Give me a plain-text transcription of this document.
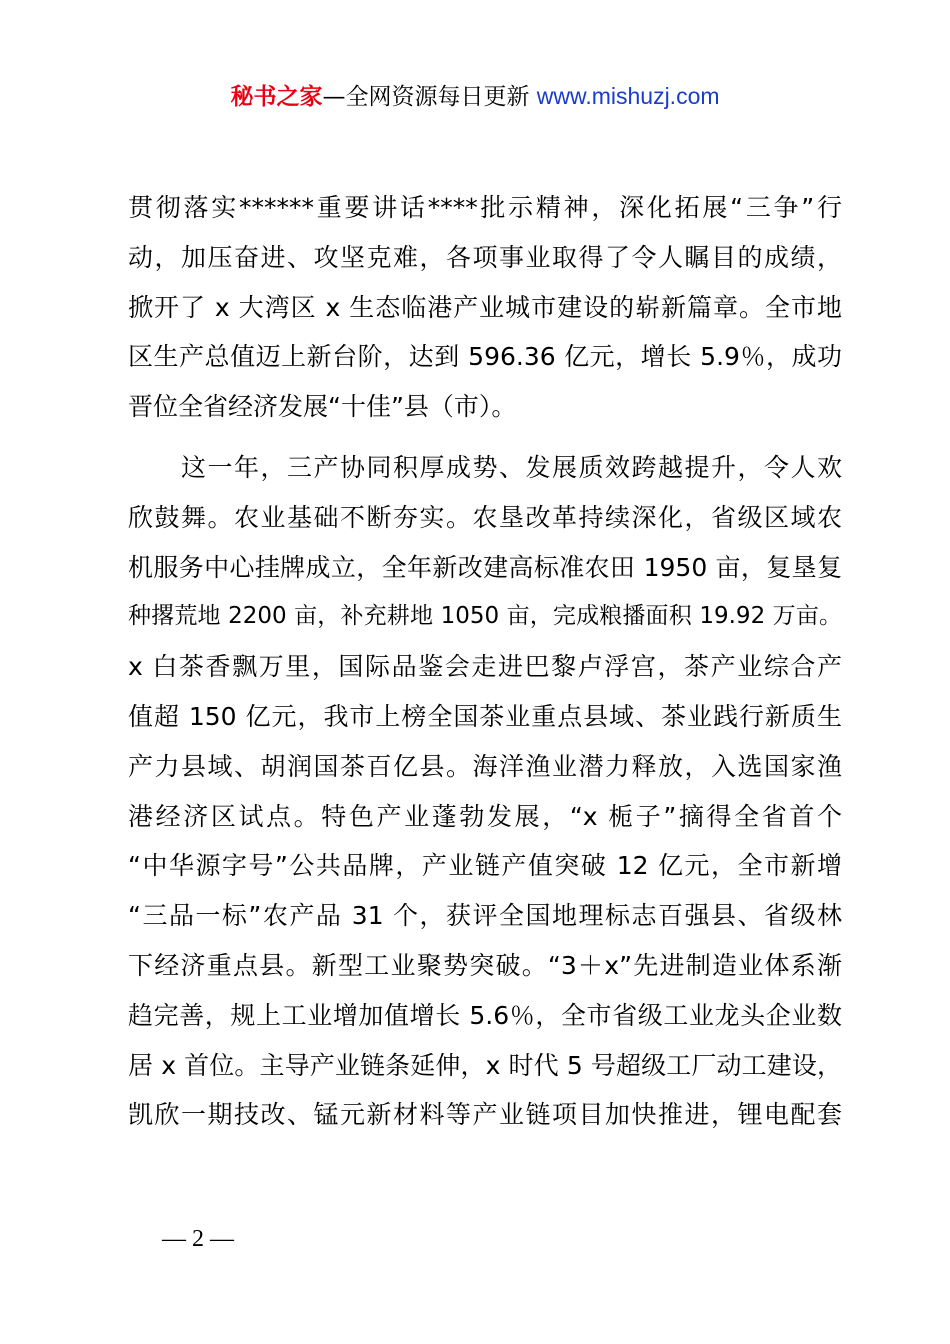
秘书之家—全网资源每日更新 www.mishuzj.com
贯彻落实******重要讲话****批示精神，深化拓展“三争”行
动，加压奋进、攻坚克难，各项事业取得了令人瞩目的成绩，
掀开了 x 大湾区 x 生态临港产业城市建设的崭新篇章。全市地
区生产总值迈上新台阶，达到 596.36 亿元，增长 5.9％，成功
晋位全省经济发展“十佳”县（市）。
　　这一年，三产协同积厚成势、发展质效跨越提升，令人欢
欣鼓舞。农业基础不断夯实。农垦改革持续深化，省级区域农
机服务中心挂牌成立，全年新改建高标准农田 1950 亩，复垦复
种撂荒地 2200 亩，补充耕地 1050 亩，完成粮播面积 19.92 万亩。
x 白茶香飘万里，国际品鉴会走进巴黎卢浮宫，茶产业综合产
值超 150 亿元，我市上榜全国茶业重点县域、茶业践行新质生
产力县域、胡润国茶百亿县。海洋渔业潜力释放，入选国家渔
港经济区试点。特色产业蓬勃发展，“x 栀子”摘得全省首个
“中华源字号”公共品牌，产业链产值突破 12 亿元，全市新增
“三品一标”农产品 31 个，获评全国地理标志百强县、省级林
下经济重点县。新型工业聚势突破。“3＋x”先进制造业体系渐
趋完善，规上工业增加值增长 5.6％，全市省级工业龙头企业数
居 x 首位。主导产业链条延伸，x 时代 5 号超级工厂动工建设，
凯欣一期技改、锰元新材料等产业链项目加快推进，锂电配套
— 2 —
